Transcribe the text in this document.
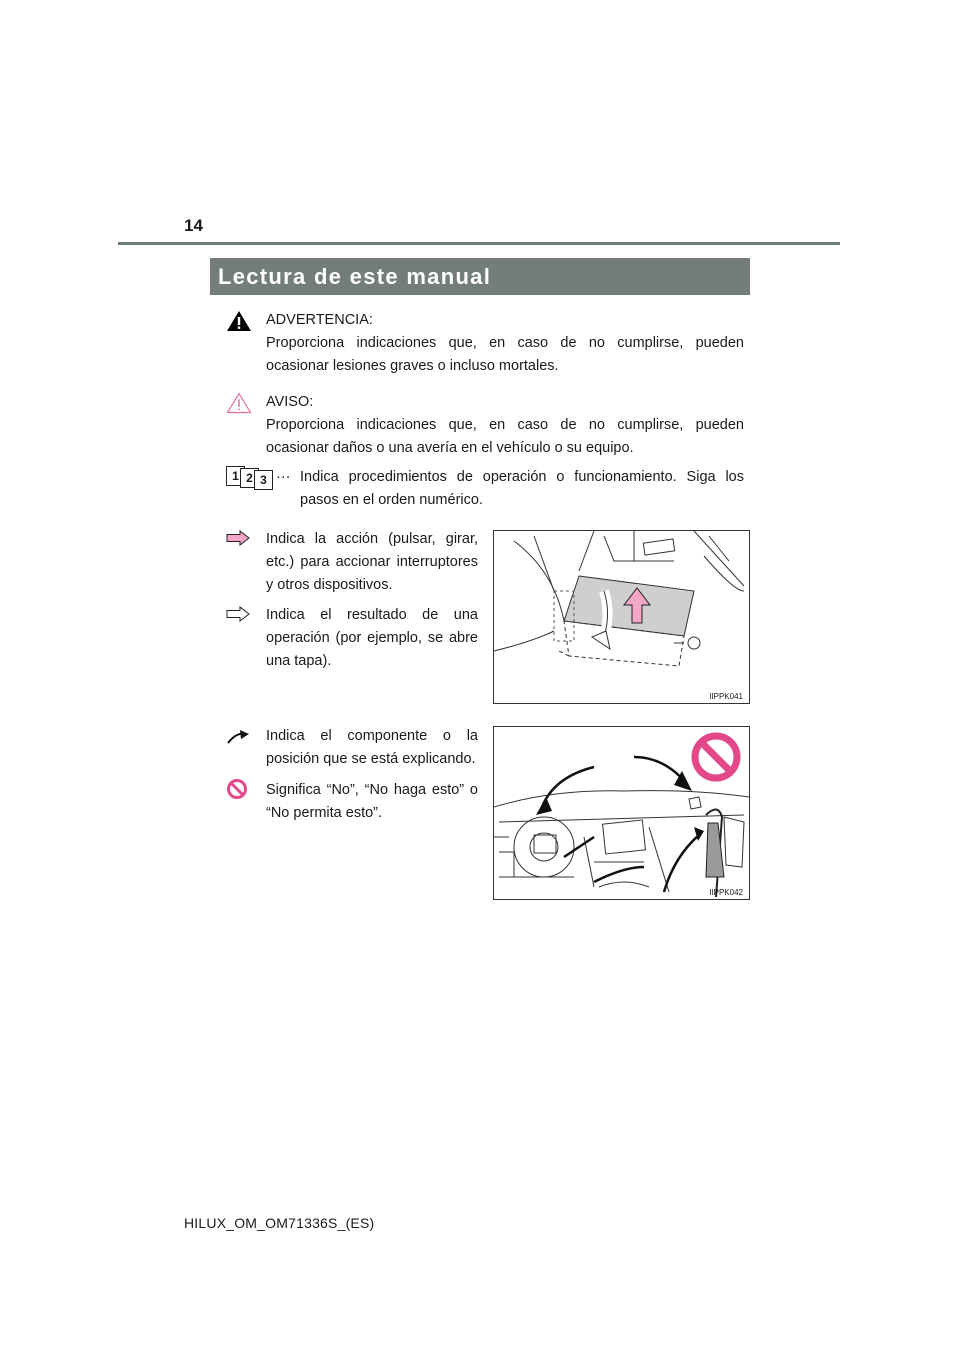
14
Lectura de este manual
ADVERTENCIA:
Proporciona indicaciones que, en caso de no cumplirse, pueden ocasionar lesiones graves o incluso mortales.
AVISO:
Proporciona indicaciones que, en caso de no cumplirse, pueden ocasionar daños o una avería en el vehículo o su equipo.
1 2 3 ··· Indica procedimientos de operación o funcionamiento. Siga los pasos en el orden numérico.
Indica la acción (pulsar, girar, etc.) para accionar interruptores y otros dispositivos.
Indica el resultado de una operación (por ejemplo, se abre una tapa).
Indica el componente o la posición que se está explicando.
Significa “No”, “No haga esto” o “No permita esto”.
IIPPK041
IIPPK042
HILUX_OM_OM71336S_(ES)
